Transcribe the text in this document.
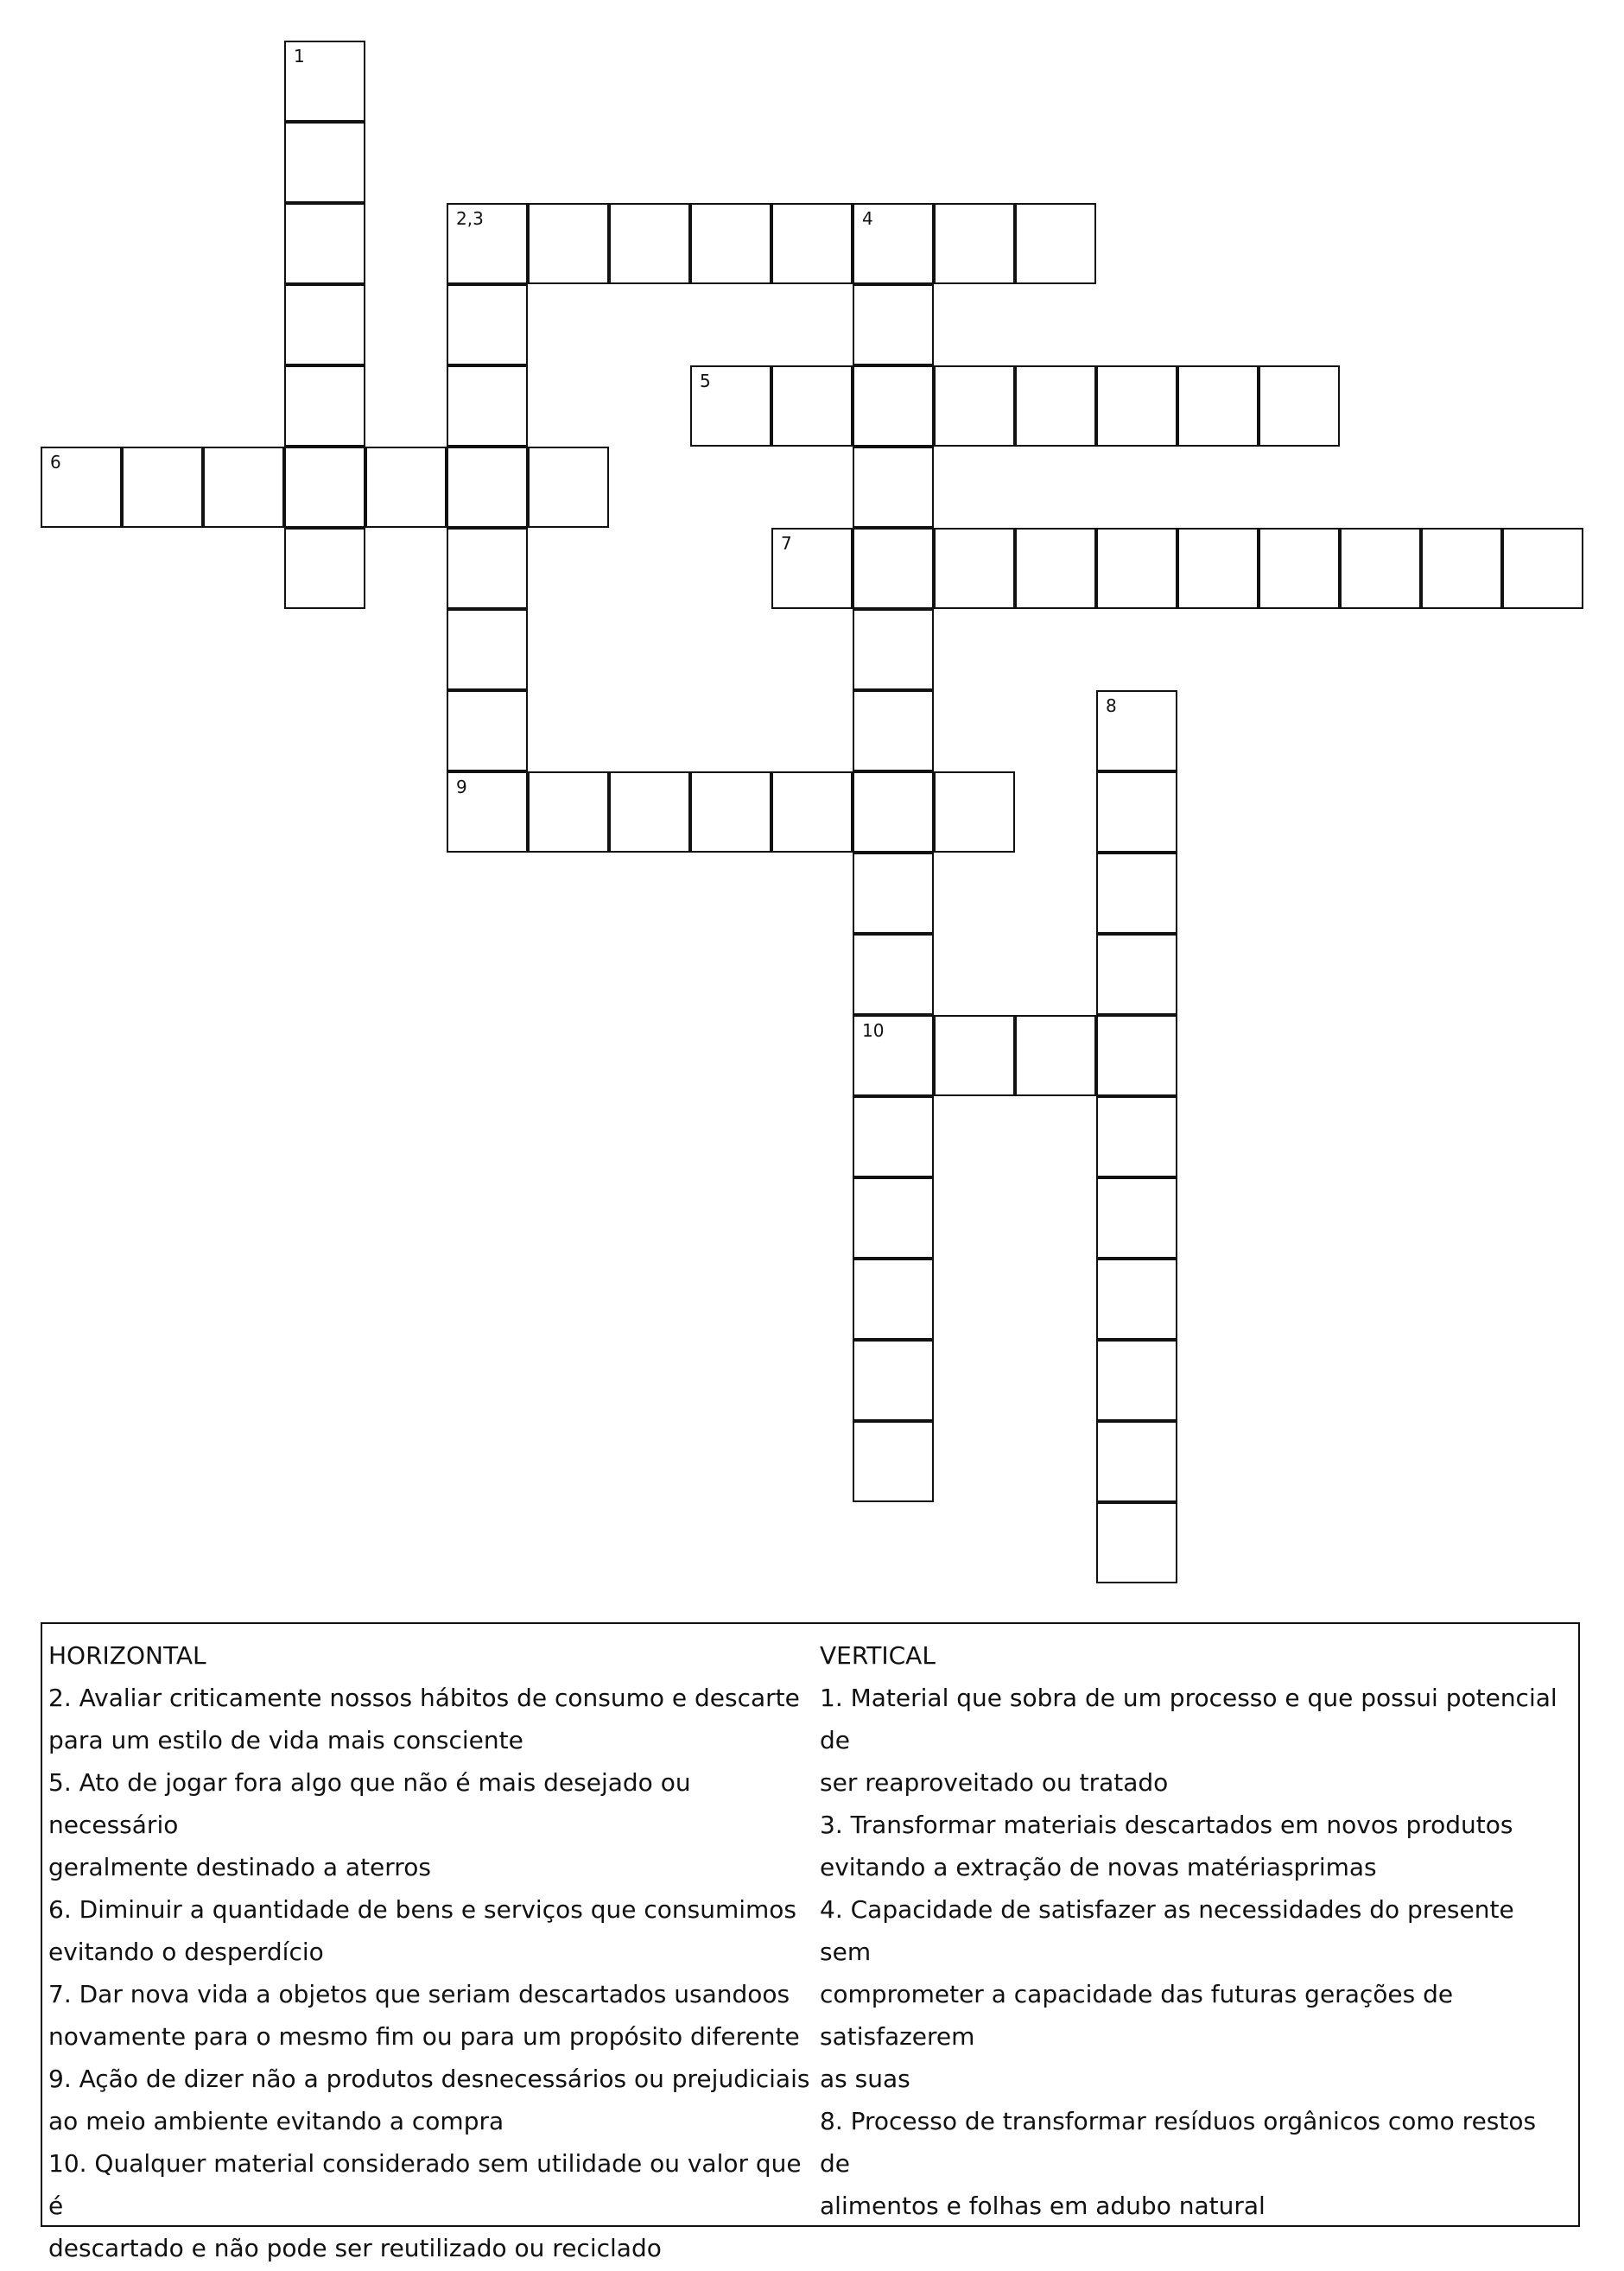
1
2,3	4
9
10
5
6
7
8
HORIZONTAL
2. Avaliar criticamente nossos hábitos de consumo e descarte
para um estilo de vida mais consciente
5. Ato de jogar fora algo que não é mais desejado ou necessário
geralmente destinado a aterros
6. Diminuir a quantidade de bens e serviços que consumimos
evitando o desperdício
7. Dar nova vida a objetos que seriam descartados usandoos
novamente para o mesmo fim ou para um propósito diferente
9. Ação de dizer não a produtos desnecessários ou prejudiciais
ao meio ambiente evitando a compra
10. Qualquer material considerado sem utilidade ou valor que é
descartado e não pode ser reutilizado ou reciclado
VERTICAL
1. Material que sobra de um processo e que possui potencial de
ser reaproveitado ou tratado
3. Transformar materiais descartados em novos produtos
evitando a extração de novas matériasprimas
4. Capacidade de satisfazer as necessidades do presente sem
comprometer a capacidade das futuras gerações de satisfazerem
as suas
8. Processo de transformar resíduos orgânicos como restos de
alimentos e folhas em adubo natural
